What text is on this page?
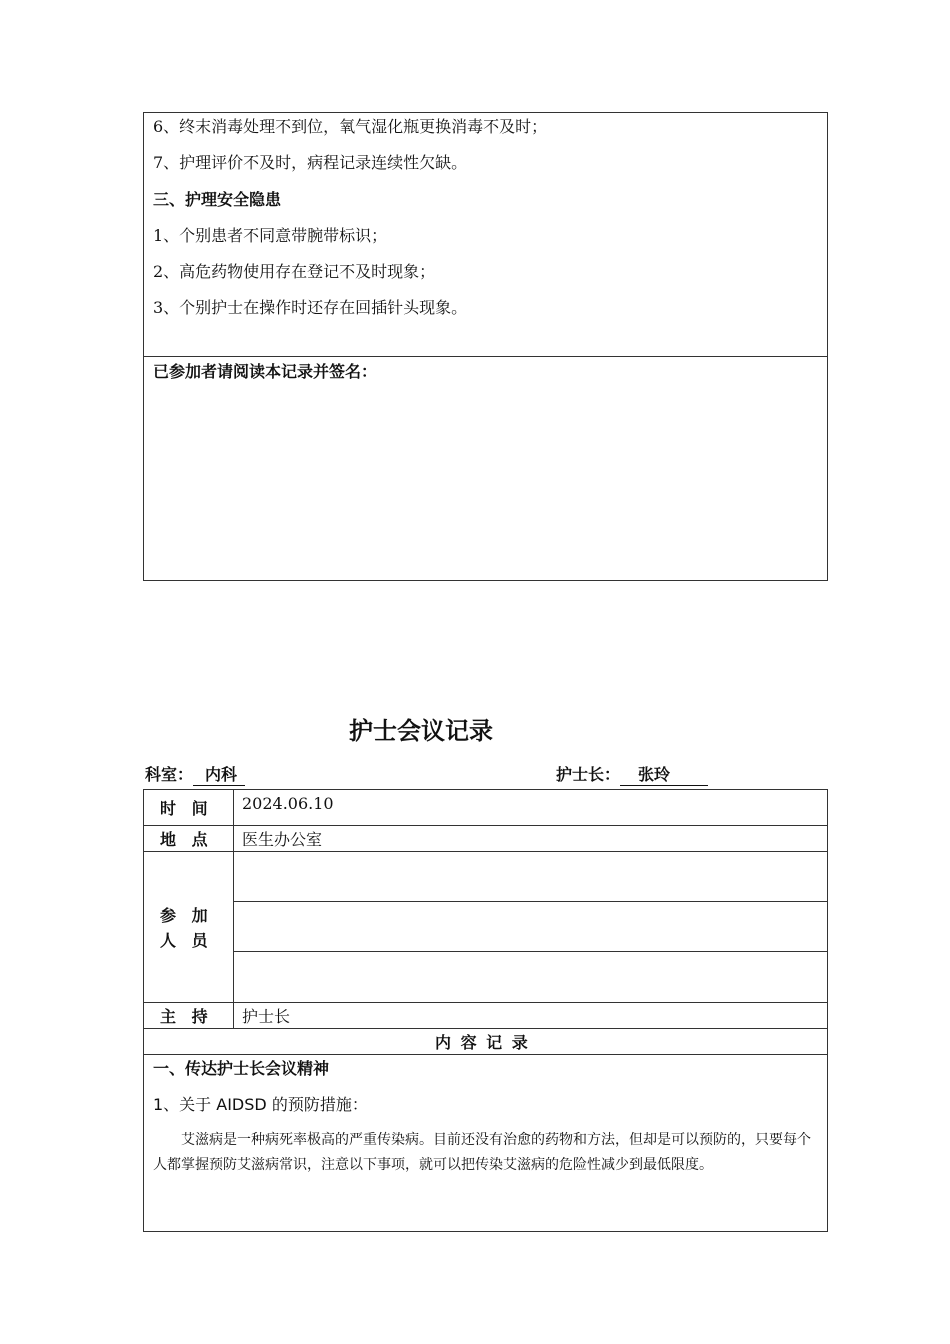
6、终末消毒处理不到位，氧气湿化瓶更换消毒不及时；
7、护理评价不及时，病程记录连续性欠缺。
三、护理安全隐患
1、个别患者不同意带腕带标识；
2、高危药物使用存在登记不及时现象；
3、个别护士在操作时还存在回插针头现象。
已参加者请阅读本记录并签名：
护士会议记录
科室： 内科	护士长： 张玲
时 间 2024.06.10
地 点 医生办公室
参 加
人 员
主 持 护士长
内 容 记 录
一、传达护士长会议精神
1、关于 AIDSD 的预防措施：
艾滋病是一种病死率极高的严重传染病。目前还没有治愈的药物和方法，但却是可以预防的，只要每个人都掌握预防艾滋病常识，注意以下事项，就可以把传染艾滋病的危险性减少到最低限度。
